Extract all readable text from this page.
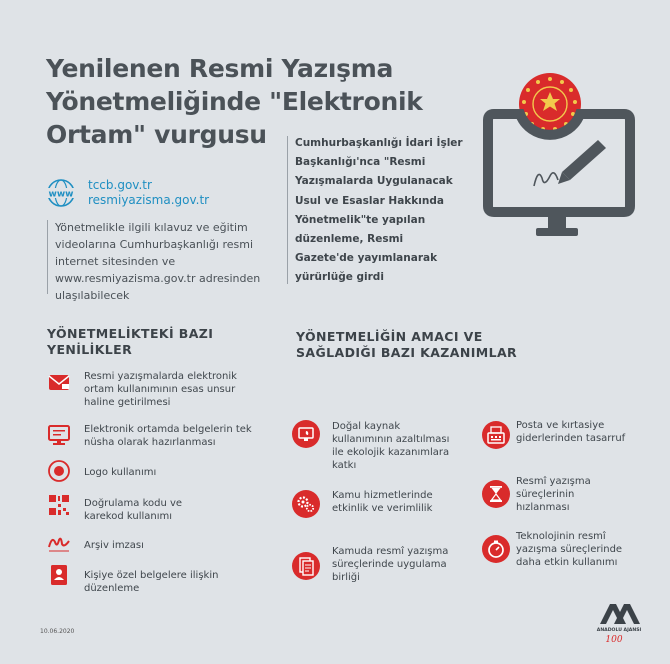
Yenilenen Resmi Yazışma Yönetmeliğinde "Elektronik Ortam" vurgusu
www
tccb.gov.tr
resmiyazisma.gov.tr
Yönetmelikle ilgili kılavuz ve eğitim videolarına Cumhurbaşkanlığı resmi internet sitesinden ve www.resmiyazisma.gov.tr adresinden ulaşılabilecek
Cumhurbaşkanlığı İdari İşler Başkanlığı'nca "Resmi Yazışmalarda Uygulanacak Usul ve Esaslar Hakkında Yönetmelik"te yapılan düzenleme, Resmi Gazete'de yayımlanarak yürürlüğe girdi
YÖNETMELİKTEKİ BAZI YENİLİKLER
Resmi yazışmalarda elektronik ortam kullanımının esas unsur haline getirilmesi
Elektronik ortamda belgelerin tek nüsha olarak hazırlanması
Logo kullanımı
Doğrulama kodu ve karekod kullanımı
Arşiv imzası
Kişiye özel belgelere ilişkin düzenleme
YÖNETMELİĞİN AMACI VE SAĞLADIĞI BAZI KAZANIMLAR
Doğal kaynak kullanımının azaltılması ile ekolojik kazanımlara katkı
Kamu hizmetlerinde etkinlik ve verimlilik
Kamuda resmî yazışma süreçlerinde uygulama birliği
Posta ve kırtasiye giderlerinden tasarruf
Resmî yazışma süreçlerinin hızlanması
Teknolojinin resmî yazışma süreçlerinde daha etkin kullanımı
10.06.2020	ANADOLU AJANSI
100
